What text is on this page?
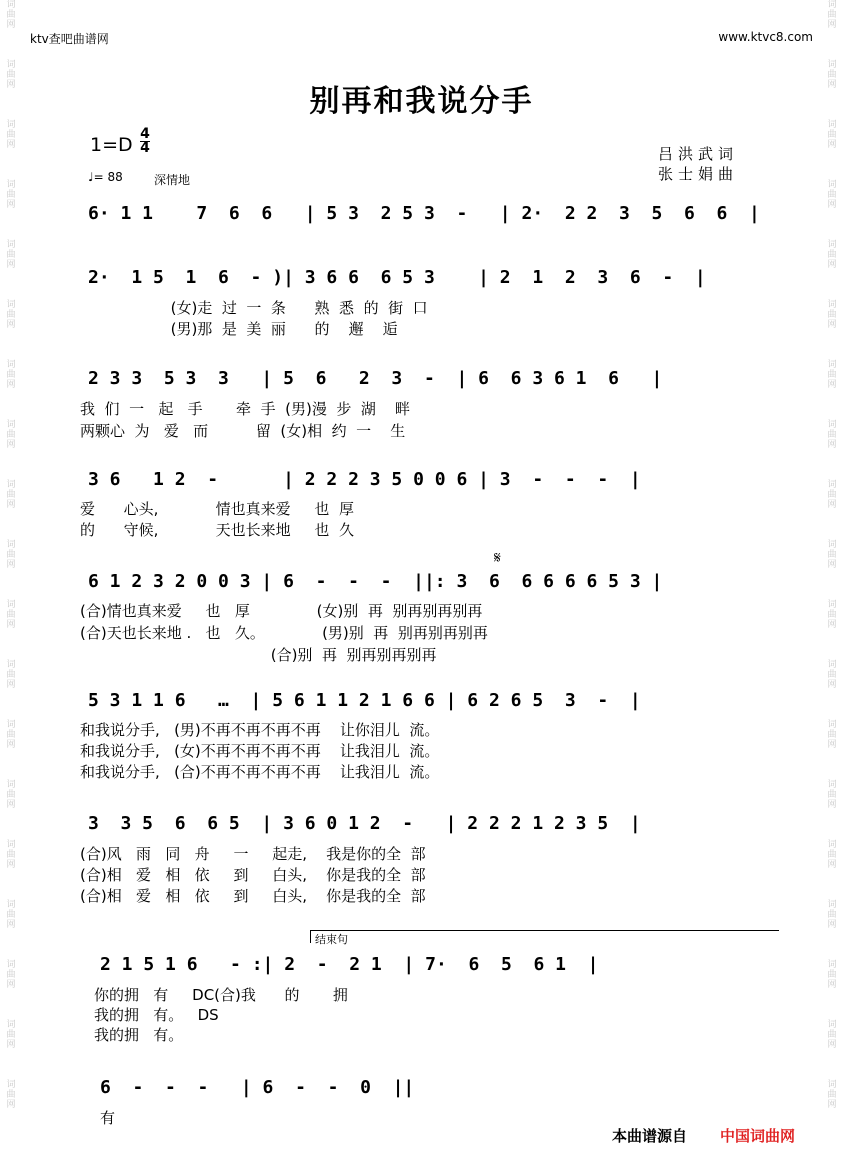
词
曲
网
词
曲
网
词
曲
网
词
曲
网
词
曲
网
词
曲
网
词
曲
网
词
曲
网
词
曲
网
词
曲
网
词
曲
网
词
曲
网
词
曲
网
词
曲
网
词
曲
网
词
曲
网
词
曲
网
词
曲
网
词
曲
网
词
曲
网
词
曲
网
词
曲
网
词
曲
网
词
曲
网
词
曲
网
词
曲
网
词
曲
网
词
曲
网
词
曲
网
词
曲
网
词
曲
网
词
曲
网
词
曲
网
词
曲
网
词
曲
网
词
曲
网
词
曲
网
词
曲
网
ktv查吧曲谱网	www.ktvc8.com
别再和我说分手
1=D 4
4
♩= 88	深情地
吕洪武词
张士娟曲
6· 1 1    7  6  6   | 5 3  2 5 3  -   | 2·  2 2  3  5  6  6  |
2·  1 5  1  6  - )| 3 6 6  6 5 3    | 2  1  2  3  6  -  |
(女)走  过  一  条      熟  悉  的  街  口
(男)那  是  美  丽      的    邂    逅
2 3 3  5 3  3   | 5  6   2  3  -  | 6  6 3 6 1  6   |
我  们  一   起   手       牵  手  (男)漫  步  湖    畔
两颗心  为   爱   而          留  (女)相  约  一    生
3 6   1 2  -      | 2 2 2 3 5 0 0 6 | 3  -  -  -  |
爱      心头,            情也真来爱     也  厚
的      守候,            天也长来地     也  久
𝄋
6 1 2 3 2 0 0 3 | 6  -  -  -  ||: 3  6  6 6 6 6 5 3 |
(合)情也真来爱     也   厚              (女)别  再  别再别再别再
(合)天也长来地 .   也   久。            (男)别  再  别再别再别再
(合)别  再  别再别再别再
5 3 1 1 6   …  | 5 6 1 1 2 1 6 6 | 6 2 6 5  3  -  |
和我说分手,   (男)不再不再不再不再    让你泪儿  流。
和我说分手,   (女)不再不再不再不再    让我泪儿  流。
和我说分手,   (合)不再不再不再不再    让我泪儿  流。
3  3 5  6  6 5  | 3 6 0 1 2  -   | 2 2 2 1 2 3 5  |
(合)风   雨   同   舟     一     起走,    我是你的全  部
(合)相   爱   相   依     到     白头,    你是我的全  部
(合)相   爱   相   依     到     白头,    你是我的全  部
结束句
2 1 5 1 6   - :| 2  -  2 1  | 7·  6  5  6 1  |
你的拥   有     DC(合)我      的       拥
我的拥   有。   DS
我的拥   有。
6  -  -  -   | 6  -  -  0  ||
有
本曲谱源自 中国词曲网
